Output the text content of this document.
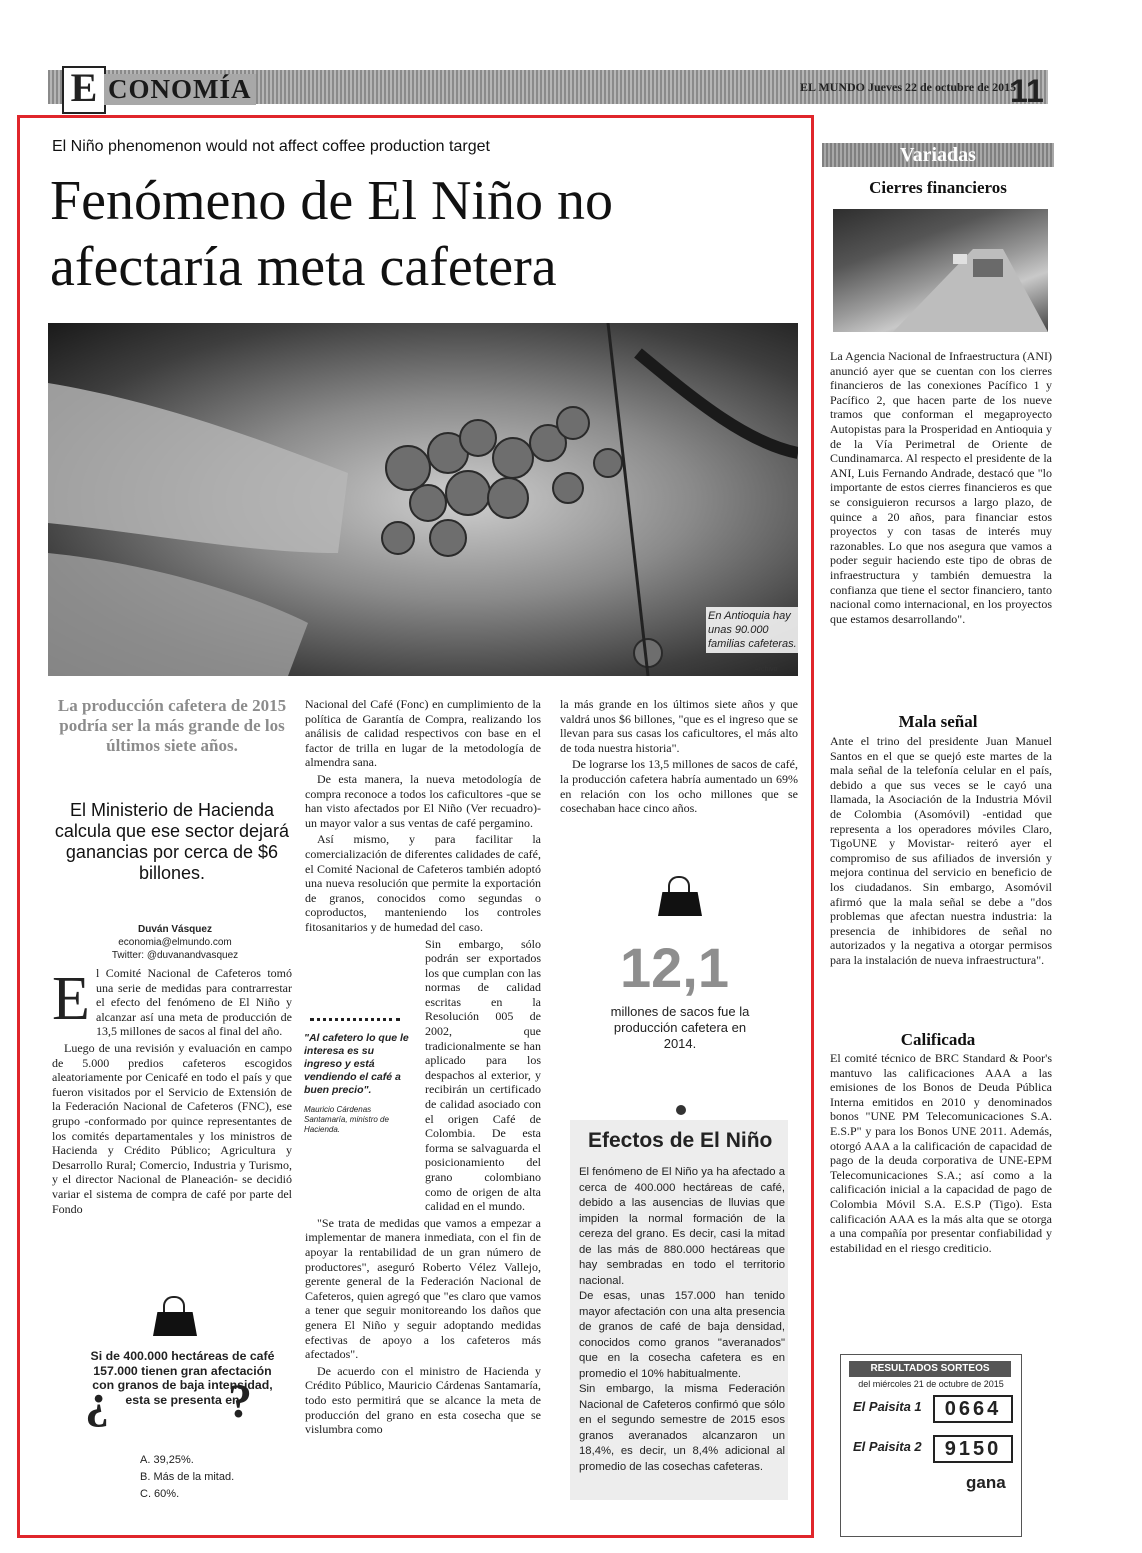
E CONOMÍA	EL MUNDO Jueves 22 de octubre de 2015
11
El Niño phenomenon would not affect coffee production target
Fenómeno de El Niño no afectaría meta cafetera
En Antioquia hay unas 90.000 familias cafeteras.
Archivo
La producción cafetera de 2015 podría ser la más grande de los últimos siete años.
El Ministerio de Hacienda calcula que ese sector dejará ganancias por cerca de $6 billones.
Duván Vásquez
economia@elmundo.com
Twitter: @duvanandvasquez
E l Comité Nacional de Cafeteros tomó una serie de medidas para contrarrestar el efecto del fenómeno de El Niño y alcanzar así una meta de producción de 13,5 millones de sacos al final del año.

Luego de una revisión y evaluación en campo de 5.000 predios cafeteros escogidos aleatoriamente por Cenicafé en todo el país y que fueron visitados por el Servicio de Extensión de la Federación Nacional de Cafeteros (FNC), ese grupo -conformado por quince representantes de los comités departamentales y los ministros de Hacienda y Crédito Público; Agricultura y Desarrollo Rural; Comercio, Industria y Turismo, y el director Nacional de Planeación- se decidió variar el sistema de compra de café por parte del Fondo

Nacional del Café (Fonc) en cumplimiento de la política de Garantía de Compra, realizando los análisis de calidad respectivos con base en el factor de trilla en lugar de la metodología de almendra sana.

De esta manera, la nueva metodología de compra reconoce a todos los caficultores -que se han visto afectados por El Niño (Ver recuadro)- un mayor valor a sus ventas de café pergamino.

Así mismo, y para facilitar la comercialización de diferentes calidades de café, el Comité Nacional de Cafeteros también adoptó una nueva resolución que permite la exportación de granos, conocidos como segundas o coproductos, manteniendo los controles fitosanitarios y de humedad del caso.

Sin embargo, sólo podrán ser exportados los que cumplan con las normas de calidad escritas en la Resolución 005 de 2002, que tradicionalmente se han aplicado para los despachos al exterior, y recibirán un certificado de calidad asociado con el origen Café de Colombia. De esta forma se salvaguarda el posicionamiento del grano colombiano como de origen de alta calidad en el mundo.

"Se trata de medidas que vamos a empezar a implementar de manera inmediata, con el fin de apoyar la rentabilidad de un gran número de productores", aseguró Roberto Vélez Vallejo, gerente general de la Federación Nacional de Cafeteros, quien agregó que "es claro que vamos a tener que seguir monitoreando los daños que genera El Niño y seguir adoptando medidas efectivas de apoyo a los cafeteros más afectados".

De acuerdo con el ministro de Hacienda y Crédito Público, Mauricio Cárdenas Santamaría, todo esto permitirá que se alcance la meta de producción del grano en esta cosecha que se vislumbra como

"Al cafetero lo que le interesa es su ingreso y está vendiendo el café a buen precio".
Mauricio Cárdenas Santamaría, ministro de Hacienda.

la más grande en los últimos siete años y que valdrá unos $6 billones, "que es el ingreso que se llevan para sus casas los caficultores, el más alto de toda nuestra historia".

De lograrse los 13,5 millones de sacos de café, la producción cafetera habría aumentado un 69% en relación con los ocho millones que se cosechaban hace cinco años.

12,1
millones de sacos fue la producción cafetera en 2014.
Efectos de El Niño

El fenómeno de El Niño ya ha afectado a cerca de 400.000 hectáreas de café, debido a las ausencias de lluvias que impiden la normal formación de la cereza del grano. Es decir, casi la mitad de las más de 880.000 hectáreas que hay sembradas en todo el territorio nacional.

De esas, unas 157.000 han tenido mayor afectación con una alta presencia de granos de café de baja densidad, conocidos como granos "averanados" que en la cosecha cafetera es en promedio el 10% habitualmente.

Sin embargo, la misma Federación Nacional de Cafeteros confirmó que sólo en el segundo semestre de 2015 esos granos averanados alcanzaron un 18,4%, es decir, un 8,4% adicional al promedio de las cosechas cafeteras.

Si de 400.000 hectáreas de café 157.000 tienen gran afectación con granos de baja intensidad, esta se presenta en
¿ ?
A. 39,25%.
B. Más de la mitad.
C. 60%.
Variadas
Cierres financieros

La Agencia Nacional de Infraestructura (ANI) anunció ayer que se cuentan con los cierres financieros de las conexiones Pacífico 1 y Pacífico 2, que hacen parte de los nueve tramos que conforman el megaproyecto Autopistas para la Prosperidad en Antioquia y de la Vía Perimetral de Oriente de Cundinamarca. Al respecto el presidente de la ANI, Luis Fernando Andrade, destacó que "lo importante de estos cierres financieros es que se consiguieron recursos a largo plazo, de quince a 20 años, para financiar estos proyectos y con tasas de interés muy razonables. Lo que nos asegura que vamos a poder seguir haciendo este tipo de obras de infraestructura y también demuestra la confianza que tiene el sector financiero, tanto nacional como internacional, en los proyectos que estamos desarrollando".

Mala señal

Ante el trino del presidente Juan Manuel Santos en el que se quejó este martes de la mala señal de la telefonía celular en el país, debido a que sus veces se le cayó una llamada, la Asociación de la Industria Móvil de Colombia (Asomóvil) -entidad que representa a los operadores móviles Claro, TigoUNE y Movistar- reiteró ayer el compromiso de sus afiliados de inversión y mejora continua del servicio en beneficio de los ciudadanos. Sin embargo, Asomóvil afirmó que la mala señal se debe a "dos problemas que afectan nuestra industria: la presencia de inhibidores de señal no autorizados y la negativa a otorgar permisos para la instalación de nueva infraestructura".

Calificada

El comité técnico de BRC Standard & Poor's mantuvo las calificaciones AAA a las emisiones de los Bonos de Deuda Pública Interna emitidos en 2010 y denominados bonos "UNE PM Telecomunicaciones S.A. E.S.P" y para los Bonos UNE 2011. Además, otorgó AAA a la calificación de capacidad de pago de la deuda corporativa de UNE-EPM Telecomunicaciones S.A.; así como a la calificación inicial a la capacidad de pago de Colombia Móvil S.A. E.S.P (Tigo). Esta calificación AAA es la más alta que se otorga a una compañía por presentar confiabilidad y estabilidad en el riesgo crediticio.

RESULTADOS SORTEOS
del miércoles 21 de octubre de 2015
El Paisita 1	0664
El Paisita 2	9150
gana
